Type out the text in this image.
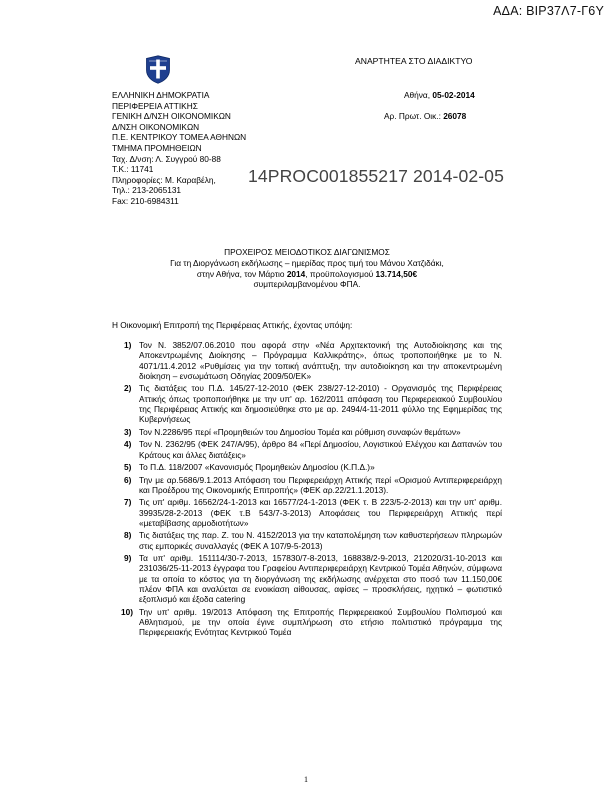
ΑΔΑ: ΒΙΡ37Λ7-Γ6Υ
ΑΝΑΡΤΗΤΕΑ ΣΤΟ ΔΙΑΔΙΚΤΥΟ
ΕΛΛΗΝΙΚΗ ΔΗΜΟΚΡΑΤΙΑ
ΠΕΡΙΦΕΡΕΙΑ ΑΤΤΙΚΗΣ
ΓΕΝΙΚΗ Δ/ΝΣΗ ΟΙΚΟΝΟΜΙΚΩΝ
Δ/ΝΣΗ ΟΙΚΟΝΟΜΙΚΩΝ
Π.Ε. ΚΕΝΤΡΙΚΟΥ ΤΟΜΕΑ ΑΘΗΝΩΝ
ΤΜΗΜΑ ΠΡΟΜΗΘΕΙΩΝ
Ταχ. Δ/νση: Λ. Συγγρού 80-88
Τ.Κ.: 11741
Πληροφορίες: Μ. Καραβέλη,
Τηλ.: 213-2065131
Fax: 210-6984311
Αθήνα, 05-02-2014
Αρ. Πρωτ. Οικ.: 26078
14PROC001855217 2014-02-05
ΠΡΟΧΕΙΡΟΣ ΜΕΙΟΔΟΤΙΚΟΣ ΔΙΑΓΩΝΙΣΜΟΣ
Για τη Διοργάνωση εκδήλωσης – ημερίδας προς τιμή του Μάνου Χατζιδάκι,
στην Αθήνα, τον Μάρτιο 2014, προϋπολογισμού 13.714,50€
συμπεριλαμβανομένου ΦΠΑ.
Η Οικονομική Επιτροπή της Περιφέρειας Αττικής, έχοντας υπόψη:
1) Τον Ν. 3852/07.06.2010 που αφορά στην «Νέα Αρχιτεκτονική της Αυτοδιοίκησης και της Αποκεντρωμένης Διοίκησης – Πρόγραμμα Καλλικράτης», όπως τροποποιήθηκε με το Ν. 4071/11.4.2012 «Ρυθμίσεις για την τοπική ανάπτυξη, την αυτοδιοίκηση και την αποκεντρωμένη διοίκηση – ενσωμάτωση Οδηγίας 2009/50/ΕΚ»
2) Τις διατάξεις του Π.Δ. 145/27-12-2010 (ΦΕΚ 238/27-12-2010) - Οργανισμός της Περιφέρειας Αττικής όπως τροποποιήθηκε με την υπ' αρ. 162/2011 απόφαση του Περιφερειακού Συμβουλίου της Περιφέρειας Αττικής και δημοσιεύθηκε στο με αρ. 2494/4-11-2011 φύλλο της Εφημερίδας της Κυβερνήσεως
3) Τον Ν.2286/95 περί «Προμηθειών του Δημοσίου Τομέα και ρύθμιση συναφών θεμάτων»
4) Τον Ν. 2362/95 (ΦΕΚ 247/Α/95), άρθρο 84 «Περί Δημοσίου, Λογιστικού Ελέγχου και Δαπανών του Κράτους και άλλες διατάξεις»
5) Το Π.Δ. 118/2007 «Κανονισμός Προμηθειών Δημοσίου (Κ.Π.Δ.)»
6) Την με αρ.5686/9.1.2013 Απόφαση του Περιφερειάρχη Αττικής περί «Ορισμού Αντιπεριφερειάρχη και Προέδρου της Οικονομικής Επιτροπής» (ΦΕΚ αρ.22/21.1.2013).
7) Τις υπ' αριθμ. 16562/24-1-2013 και 16577/24-1-2013 (ΦΕΚ τ. Β 223/5-2-2013) και την υπ' αριθμ. 39935/28-2-2013 (ΦΕΚ τ.Β 543/7-3-2013) Αποφάσεις του Περιφερειάρχη Αττικής περί «μεταβίβασης αρμοδιοτήτων»
8) Τις διατάξεις της παρ. Ζ. του Ν. 4152/2013 για την καταπολέμηση των καθυστερήσεων πληρωμών στις εμπορικές συναλλαγές (ΦΕΚ Α 107/9-5-2013)
9) Τα υπ' αριθμ. 151114/30-7-2013, 157830/7-8-2013, 168838/2-9-2013, 212020/31-10-2013 και 231036/25-11-2013 έγγραφα του Γραφείου Αντιπεριφερειάρχη Κεντρικού Τομέα Αθηνών, σύμφωνα με τα οποία το κόστος για τη διοργάνωση της εκδήλωσης ανέρχεται στο ποσό των 11.150,00€ πλέον ΦΠΑ και αναλύεται σε ενοικίαση αίθουσας, αφίσες – προσκλήσεις, ηχητικό – φωτιστικό εξοπλισμό και έξοδα catering
10) Την υπ' αριθμ. 19/2013 Απόφαση της Επιτροπής Περιφερειακού Συμβουλίου Πολιτισμού και Αθλητισμού, με την οποία έγινε συμπλήρωση στο ετήσιο πολιτιστικό πρόγραμμα της Περιφερειακής Ενότητας Κεντρικού Τομέα
1
